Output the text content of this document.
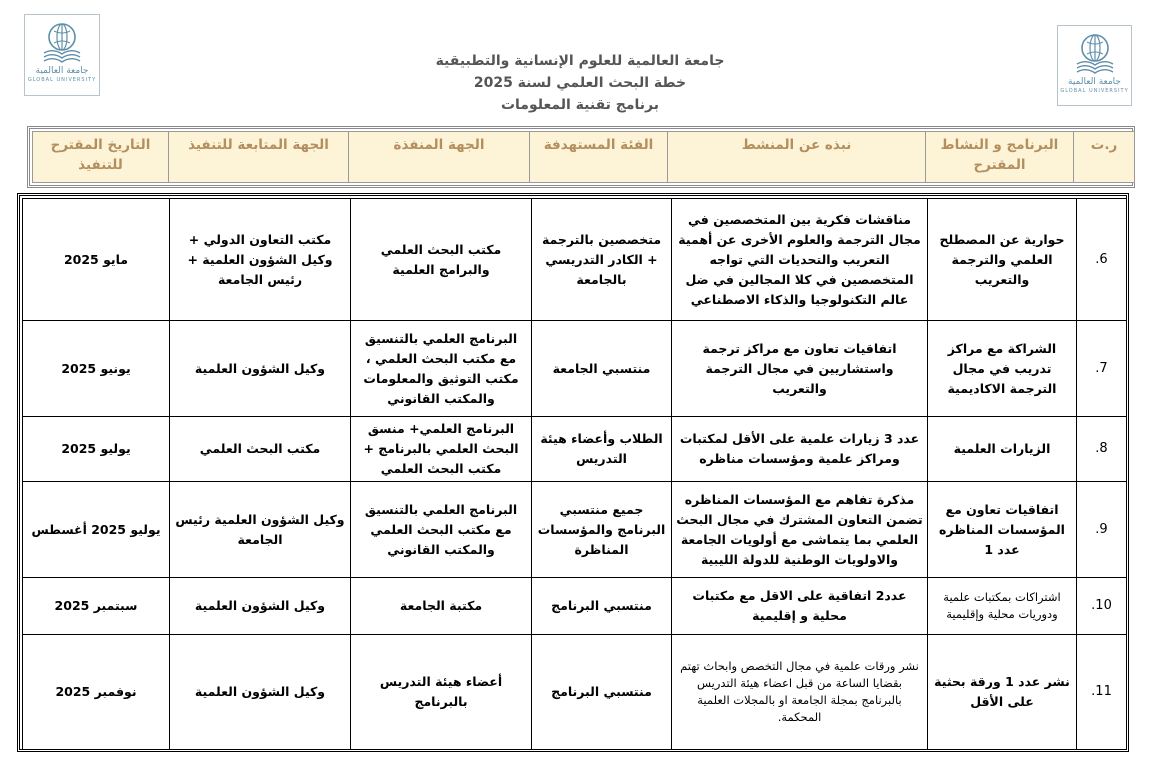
جامعة العالمية
GLOBAL UNIVERSITY	جامعة العالمية
GLOBAL UNIVERSITY
جامعة العالمية للعلوم الإنسانية والتطبيقية
خطة البحث العلمي لسنة 2025
برنامج تقنية المعلومات
ر.ت	البرنامج و النشاط المقترح	نبذه عن المنشط	الفئة المستهدفة	الجهة المنفذة	الجهة المتابعة للتنفيذ	التاريخ المقترح للتنفيذ
6.	حوارية عن المصطلح العلمي والترجمة والتعريب	مناقشات فكرية بين المتخصصين في مجال الترجمة والعلوم الأخرى عن أهمية التعريب والتحديات التي تواجه المتخصصين في كلا المجالين في ضل عالم التكنولوجيا والذكاء الاصطناعي	متخصصين بالترجمة + الكادر التدريسي بالجامعة	مكتب البحث العلمي والبرامج العلمية	مكتب التعاون الدولي + وكيل الشؤون العلمية + رئيس الجامعة	مايو 2025
7.	الشراكة مع مراكز تدريب في مجال الترجمة الاكاديمية	اتفاقيات تعاون مع مراكز ترجمة واستشاريين في مجال الترجمة والتعريب	منتسبي الجامعة	البرنامج العلمي بالتنسيق مع مكتب البحث العلمي ، مكتب التوثيق والمعلومات والمكتب القانوني	وكيل الشؤون العلمية	يونيو 2025
8.	الزيارات العلمية	عدد 3 زيارات علمية على الأقل لمكتبات ومراكز علمية ومؤسسات مناظره	الطلاب وأعضاء هيئة التدريس	البرنامج العلمي+ منسق البحث العلمي بالبرنامج + مكتب البحث العلمي	مكتب البحث العلمي	يوليو 2025
9.	اتفاقيات تعاون مع المؤسسات المناظره عدد 1	مذكرة تفاهم مع المؤسسات المناظره تضمن التعاون المشترك في مجال البحث العلمي بما يتماشى مع أولويات الجامعة والاولويات الوطنية للدولة الليبية	جميع منتسبي البرنامج والمؤسسات المناظرة	البرنامج العلمي بالتنسيق مع مكتب البحث العلمي والمكتب القانوني	وكيل الشؤون العلمية رئيس الجامعة	يوليو 2025 أغسطس
10.	اشتراكات بمكتبات علمية ودوريات محلية وإقليمية	عدد2 اتفاقية على الاقل مع مكتبات محلية و إقليمية	منتسبي البرنامج	مكتبة الجامعة	وكيل الشؤون العلمية	سبتمبر 2025
11.	نشر عدد 1 ورقة بحثية على الأقل	نشر ورقات علمية في مجال التخصص وابحاث تهتم بقضايا الساعة من قبل اعضاء هيئة التدريس بالبرنامج بمجلة الجامعة او بالمجلات العلمية المحكمة.	منتسبي البرنامج	أعضاء هيئة التدريس بالبرنامج	وكيل الشؤون العلمية	نوفمبر 2025
